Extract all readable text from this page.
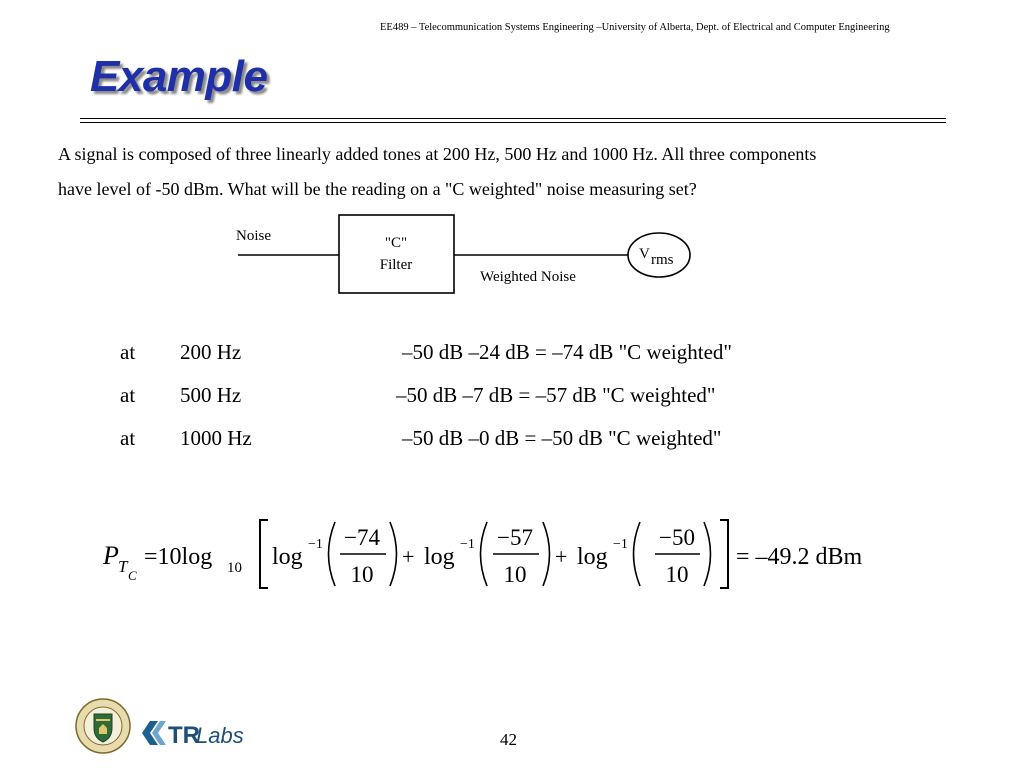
EE489 – Telecommunication Systems Engineering –University of Alberta, Dept. of Electrical and Computer Engineering
Example
A signal is composed of three linearly added tones at 200 Hz, 500 Hz and 1000 Hz. All three components
have level of -50 dBm. What will be the reading on a "C weighted" noise measuring set?
Noise	"C"
Filter
Weighted Noise
V rms
at 200 Hz	–50 dB –24 dB = –74 dB "C weighted"
at 500 Hz	–50 dB –7 dB = –57 dB "C weighted"
at 1000 Hz	–50 dB –0 dB = –50 dB "C weighted"
P T C
=10log 10 log −1 −74
10
+ log −1 −57
10
+ log −1 −50
10
= –49.2 dBm
TR
Labs	42
